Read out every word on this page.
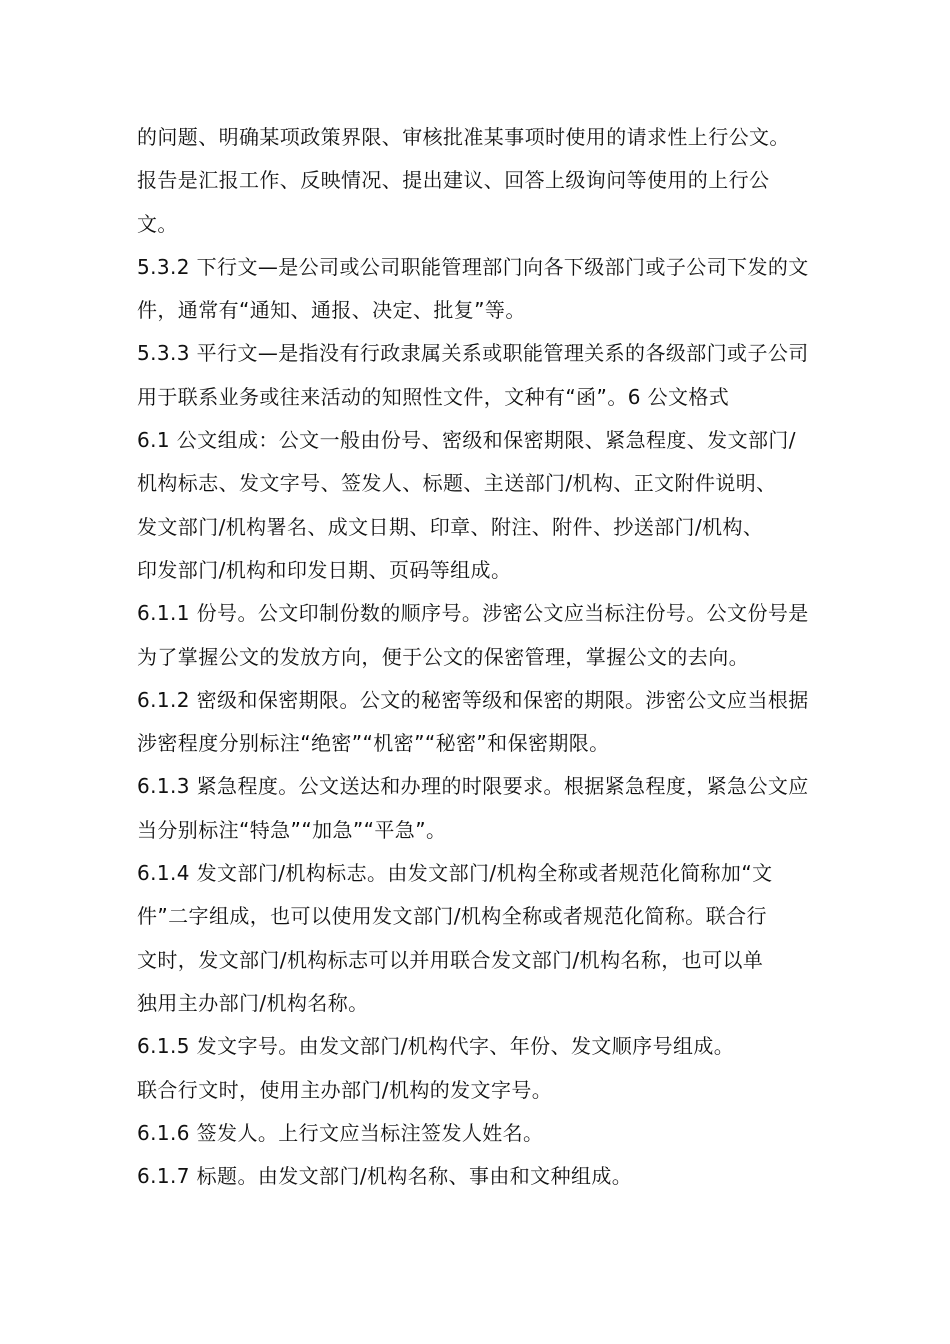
的问题、明确某项政策界限、审核批准某事项时使用的请求性上行公文。
报告是汇报工作、反映情况、提出建议、回答上级询问等使用的上行公
文。
5.3.2 下行文—是公司或公司职能管理部门向各下级部门或子公司下发的文
件，通常有“通知、通报、决定、批复”等。
5.3.3 平行文—是指没有行政隶属关系或职能管理关系的各级部门或子公司
用于联系业务或往来活动的知照性文件，文种有“函”。6 公文格式
6.1 公文组成：公文一般由份号、密级和保密期限、紧急程度、发文部门/
机构标志、发文字号、签发人、标题、主送部门/机构、正文附件说明、
发文部门/机构署名、成文日期、印章、附注、附件、抄送部门/机构、
印发部门/机构和印发日期、页码等组成。
6.1.1 份号。公文印制份数的顺序号。涉密公文应当标注份号。公文份号是
为了掌握公文的发放方向，便于公文的保密管理，掌握公文的去向。
6.1.2 密级和保密期限。公文的秘密等级和保密的期限。涉密公文应当根据
涉密程度分别标注“绝密”“机密”“秘密”和保密期限。
6.1.3 紧急程度。公文送达和办理的时限要求。根据紧急程度，紧急公文应
当分别标注“特急”“加急”“平急”。
6.1.4 发文部门/机构标志。由发文部门/机构全称或者规范化简称加“文
件”二字组成，也可以使用发文部门/机构全称或者规范化简称。联合行
文时，发文部门/机构标志可以并用联合发文部门/机构名称，也可以单
独用主办部门/机构名称。
6.1.5 发文字号。由发文部门/机构代字、年份、发文顺序号组成。
联合行文时，使用主办部门/机构的发文字号。
6.1.6 签发人。上行文应当标注签发人姓名。
6.1.7 标题。由发文部门/机构名称、事由和文种组成。
